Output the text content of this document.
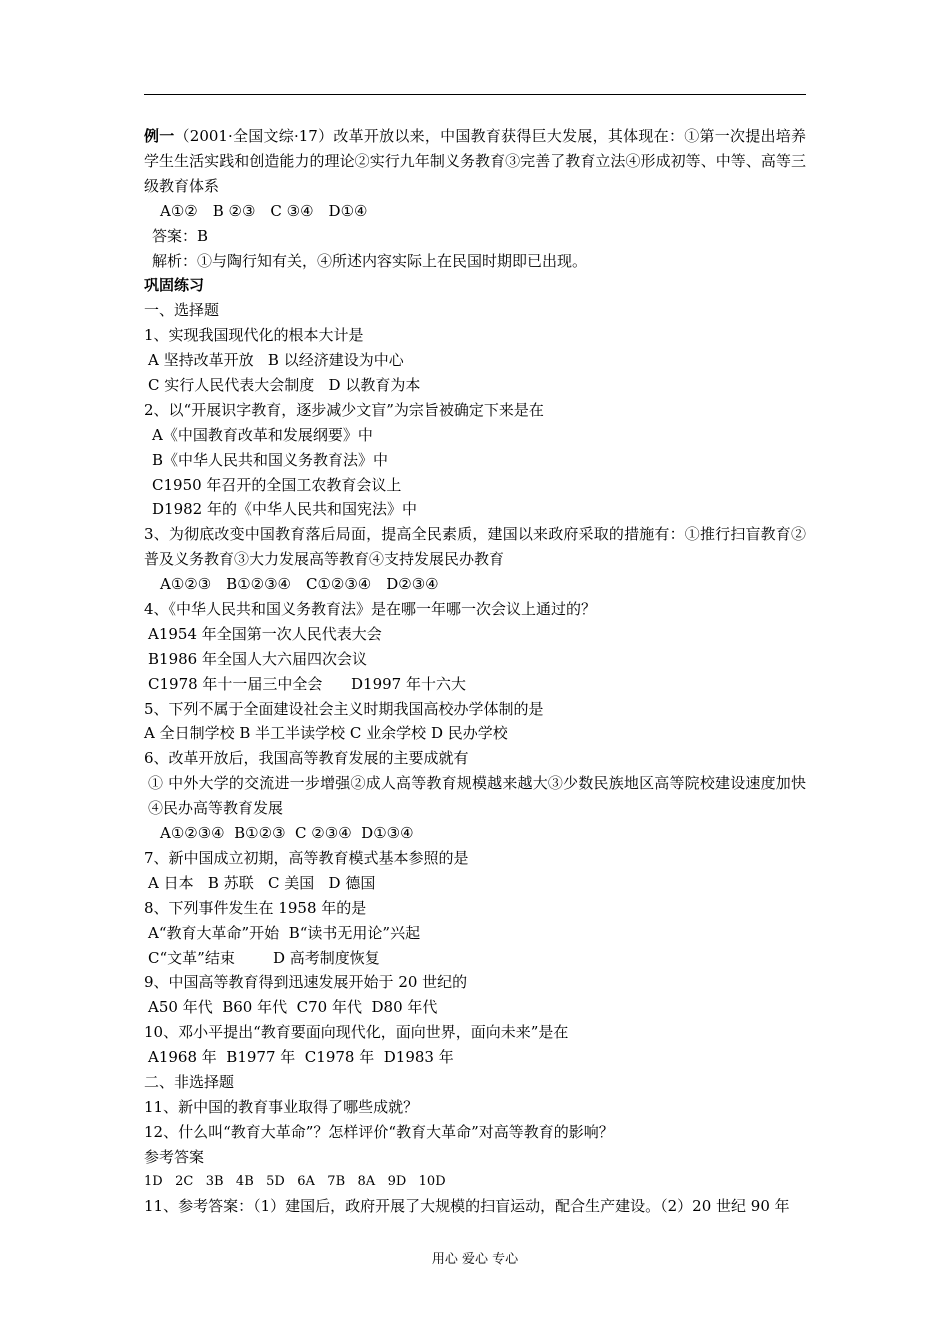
例一（2001·全国文综·17）改革开放以来，中国教育获得巨大发展，其体现在：①第一次提出培养学生生活实践和创造能力的理论②实行九年制义务教育③完善了教育立法④形成初等、中等、高等三级教育体系
A①②　B ②③　C ③④　D①④
答案：B
解析：①与陶行知有关，④所述内容实际上在民国时期即已出现。
巩固练习
一、选择题
1、实现我国现代化的根本大计是
A 坚持改革开放   B 以经济建设为中心
C 实行人民代表大会制度   D 以教育为本
2、以“开展识字教育，逐步减少文盲”为宗旨被确定下来是在
A《中国教育改革和发展纲要》中
B《中华人民共和国义务教育法》中
C1950 年召开的全国工农教育会议上
D1982 年的《中华人民共和国宪法》中
3、为彻底改变中国教育落后局面，提高全民素质，建国以来政府采取的措施有：①推行扫盲教育②普及义务教育③大力发展高等教育④支持发展民办教育
A①②③　B①②③④　C①②③④　D②③④
4、《中华人民共和国义务教育法》是在哪一年哪一次会议上通过的？
A1954 年全国第一次人民代表大会
B1986 年全国人大六届四次会议
C1978 年十一届三中全会      D1997 年十六大
5、下列不属于全面建设社会主义时期我国高校办学体制的是
A 全日制学校 B 半工半读学校 C 业余学校 D 民办学校
6、改革开放后，我国高等教育发展的主要成就有
① 中外大学的交流进一步增强②成人高等教育规模越来越大③少数民族地区高等院校建设速度加快④民办高等教育发展
A①②③④  B①②③  C ②③④  D①③④
7、新中国成立初期，高等教育模式基本参照的是
A 日本   B 苏联   C 美国   D 德国
8、下列事件发生在 1958 年的是
A“教育大革命”开始  B“读书无用论”兴起
C“文革”结束        D 高考制度恢复
9、中国高等教育得到迅速发展开始于 20 世纪的
A50 年代  B60 年代  C70 年代  D80 年代
10、邓小平提出“教育要面向现代化，面向世界，面向未来”是在
A1968 年  B1977 年  C1978 年  D1983 年
二、非选择题
11、新中国的教育事业取得了哪些成就？
12、什么叫“教育大革命”？怎样评价“教育大革命”对高等教育的影响？
参考答案
1D   2C   3B   4B   5D   6A   7B   8A   9D   10D
11、参考答案：（1）建国后，政府开展了大规模的扫盲运动，配合生产建设。（2）20 世纪 90 年
用心 爱心 专心
